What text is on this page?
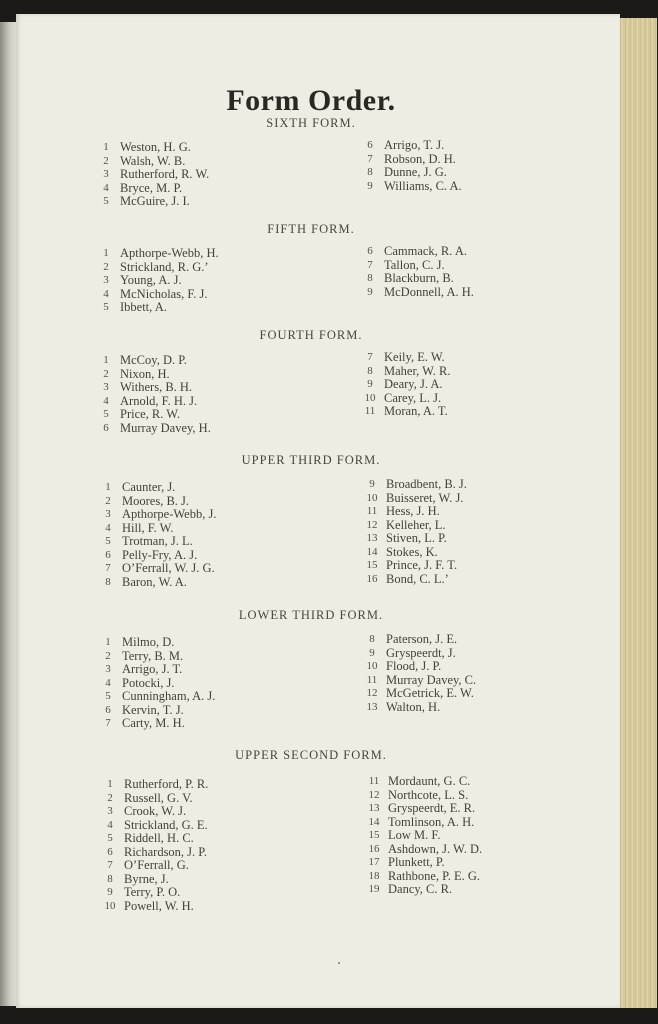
Form Order.
SIXTH FORM.
1 Weston, H. G.
2 Walsh, W. B.
3 Rutherford, R. W.
4 Bryce, M. P.
5 McGuire, J. I.
6 Arrigo, T. J.
7 Robson, D. H.
8 Dunne, J. G.
9 Williams, C. A.
FIFTH FORM.
1 Apthorpe-Webb, H.
2 Strickland, R. G.’
3 Young, A. J.
4 McNicholas, F. J.
5 Ibbett, A.
6 Cammack, R. A.
7 Tallon, C. J.
8 Blackburn, B.
9 McDonnell, A. H.
FOURTH FORM.
1 McCoy, D. P.
2 Nixon, H.
3 Withers, B. H.
4 Arnold, F. H. J.
5 Price, R. W.
6 Murray Davey, H.
7 Keily, E. W.
8 Maher, W. R.
9 Deary, J. A.
10 Carey, L. J.
11 Moran, A. T.
UPPER THIRD FORM.
1 Caunter, J.
2 Moores, B. J.
3 Apthorpe-Webb, J.
4 Hill, F. W.
5 Trotman, J. L.
6 Pelly-Fry, A. J.
7 O’Ferrall, W. J. G.
8 Baron, W. A.
9 Broadbent, B. J.
10 Buisseret, W. J.
11 Hess, J. H.
12 Kelleher, L.
13 Stiven, L. P.
14 Stokes, K.
15 Prince, J. F. T.
16 Bond, C. L.’
LOWER THIRD FORM.
1 Milmo, D.
2 Terry, B. M.
3 Arrigo, J. T.
4 Potocki, J.
5 Cunningham, A. J.
6 Kervin, T. J.
7 Carty, M. H.
8 Paterson, J. E.
9 Gryspeerdt, J.
10 Flood, J. P.
11 Murray Davey, C.
12 McGetrick, E. W.
13 Walton, H.
UPPER SECOND FORM.
1 Rutherford, P. R.
2 Russell, G. V.
3 Crook, W. J.
4 Strickland, G. E.
5 Riddell, H. C.
6 Richardson, J. P.
7 O’Ferrall, G.
8 Byrne, J.
9 Terry, P. O.
10 Powell, W. H.
11 Mordaunt, G. C.
12 Northcote, L. S.
13 Gryspeerdt, E. R.
14 Tomlinson, A. H.
15 Low M. F.
16 Ashdown, J. W. D.
17 Plunkett, P.
18 Rathbone, P. E. G.
19 Dancy, C. R.
